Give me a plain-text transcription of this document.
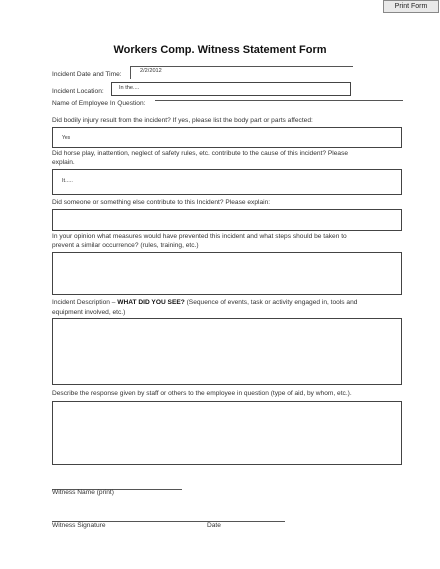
Print Form
Workers Comp. Witness Statement Form
Incident Date and Time:	2/2/2012
Incident Location:	In the....
Name of Employee In Question:
Did bodily injury result from the incident? If yes, please list the body part or parts affected:
Yes
Did horse play, inattention, neglect of safety rules, etc. contribute to the cause of this incident? Please
explain.
It.....
Did someone or something else contribute to this Incident? Please explain:
In your opinion what measures would have prevented this incident and what steps should be taken to
prevent a similar occurrence? (rules, training, etc.)
Incident Description – WHAT DID YOU SEE? (Sequence of events, task or activity engaged in, tools and
equipment involved, etc.)
Describe the response given by staff or others to the employee in question (type of aid, by whom, etc.).
Witness Name (print)
Witness Signature	Date
